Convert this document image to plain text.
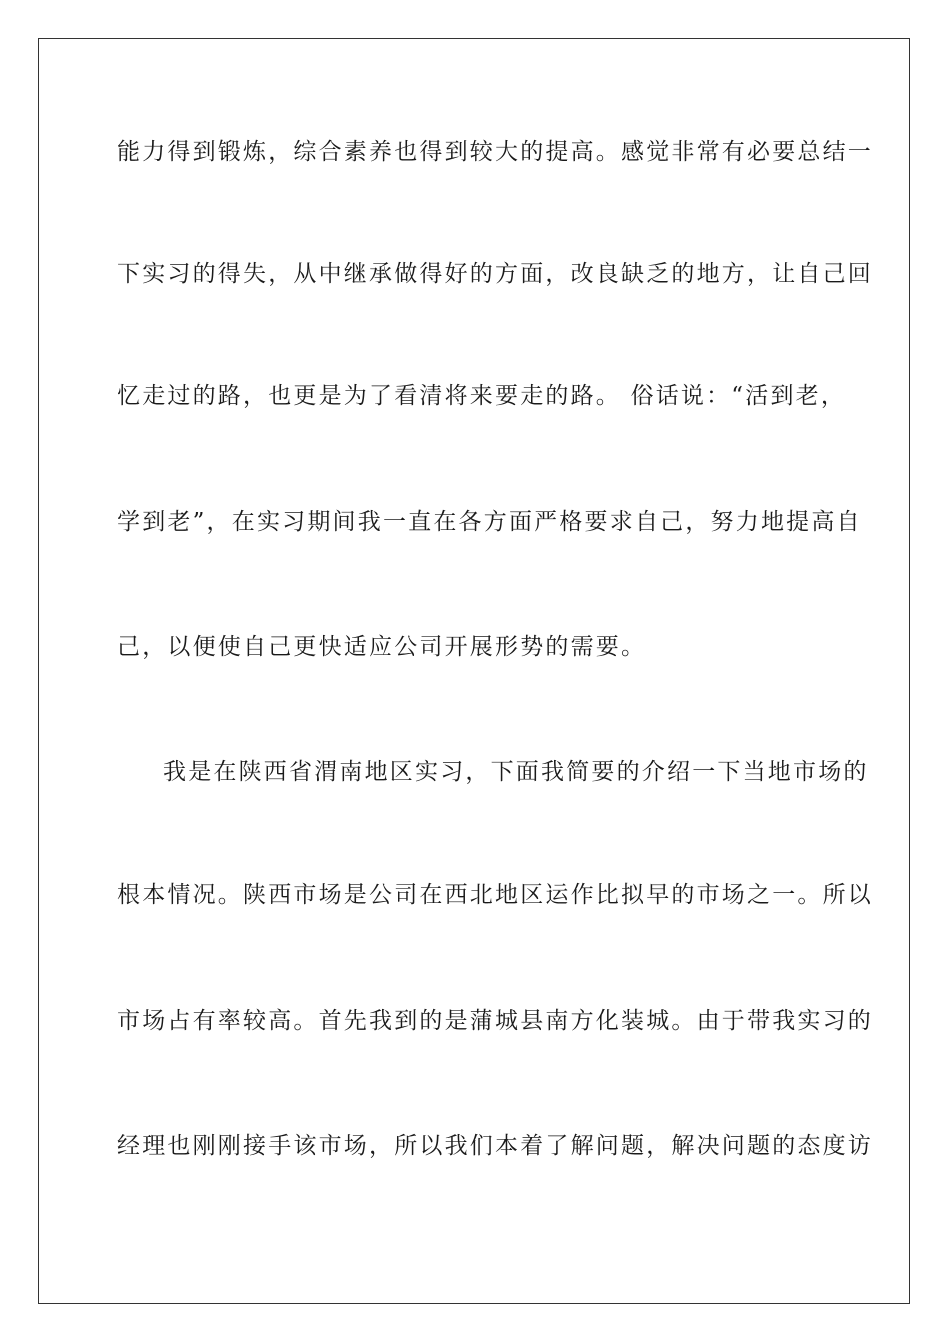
能力得到锻炼，综合素养也得到较大的提高。感觉非常有必要总结一
下实习的得失，从中继承做得好的方面，改良缺乏的地方，让自己回
忆走过的路，也更是为了看清将来要走的路。 俗话说：“活到老，
学到老”，在实习期间我一直在各方面严格要求自己，努力地提高自
己，以便使自己更快适应公司开展形势的需要。
我是在陕西省渭南地区实习，下面我简要的介绍一下当地市场的
根本情况。陕西市场是公司在西北地区运作比拟早的市场之一。所以
市场占有率较高。首先我到的是蒲城县南方化装城。由于带我实习的
经理也刚刚接手该市场，所以我们本着了解问题，解决问题的态度访
